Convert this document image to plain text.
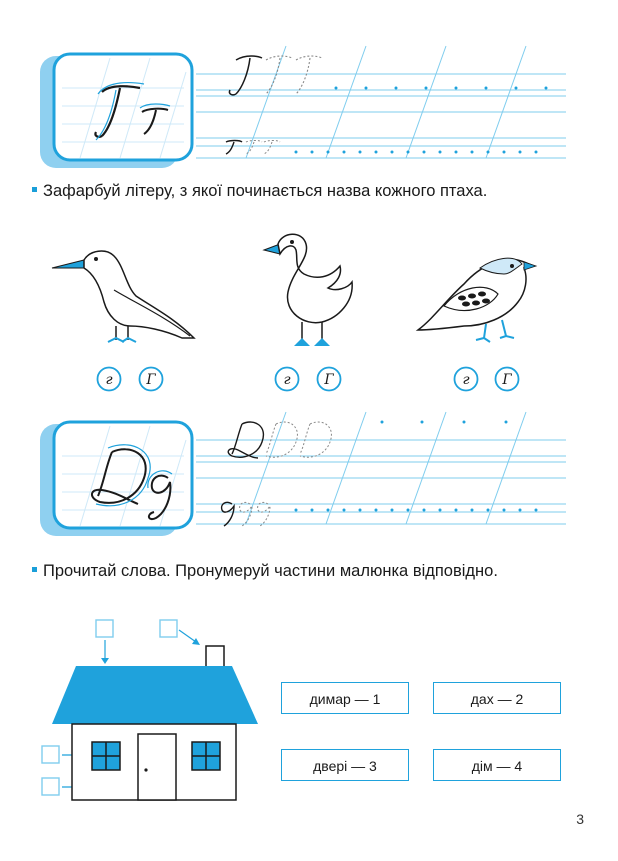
Зафарбуй літеру, з якої починається назва кожного птаха.
г Г	г Г	г Г
Прочитай слова. Пронумеруй частини малюнка відповідно.
димар — 1	дах — 2
двері — 3	дім — 4
3
